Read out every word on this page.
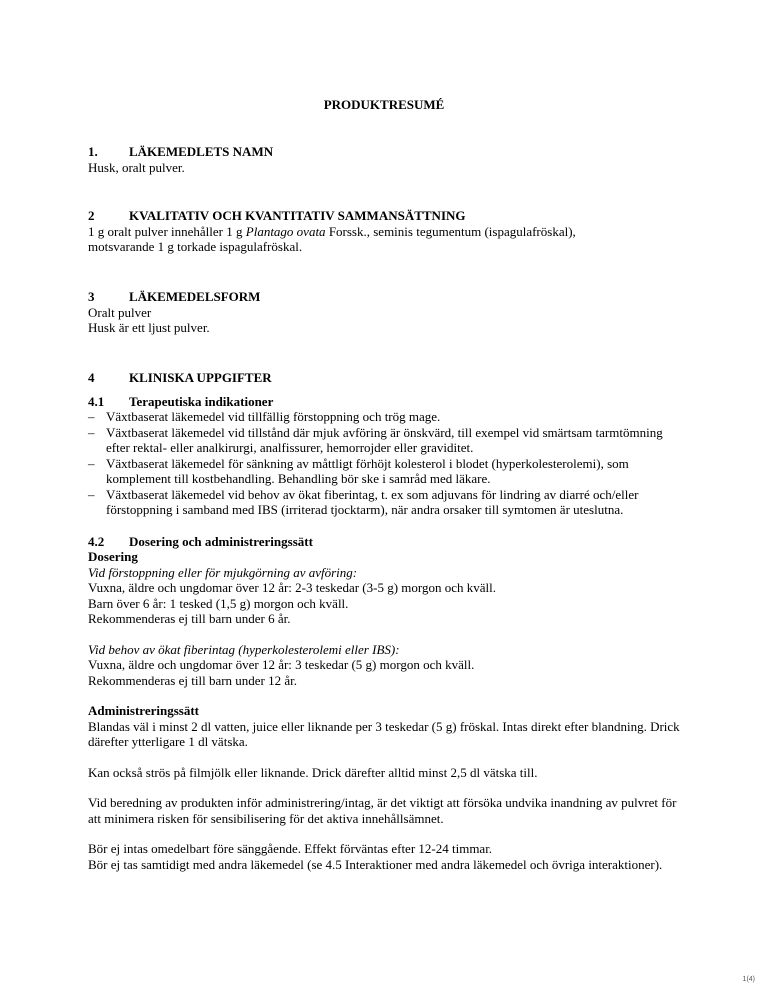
PRODUKTRESUMÉ
1.	LÄKEMEDLETS NAMN

Husk, oralt pulver.

2	KVALITATIV OCH KVANTITATIV SAMMANSÄTTNING

1 g oralt pulver innehåller 1 g Plantago ovata Forssk., seminis tegumentum (ispagulafröskal),
motsvarande 1 g torkade ispagulafröskal.

3	LÄKEMEDELSFORM

Oralt pulver

Husk är ett ljust pulver.

4	KLINISKA UPPGIFTER
4.1	Terapeutiska indikationer
– Växtbaserat läkemedel vid tillfällig förstoppning och trög mage.
– Växtbaserat läkemedel vid tillstånd där mjuk avföring är önskvärd, till exempel vid smärtsam tarmtömning efter rektal- eller analkirurgi, analfissurer, hemorrojder eller graviditet.
– Växtbaserat läkemedel för sänkning av måttligt förhöjt kolesterol i blodet (hyperkolesterolemi), som komplement till kostbehandling. Behandling bör ske i samråd med läkare.
– Växtbaserat läkemedel vid behov av ökat fiberintag, t. ex som adjuvans för lindring av diarré och/eller förstoppning i samband med IBS (irriterad tjocktarm), när andra orsaker till symtomen är uteslutna.
4.2	Dosering och administreringssätt
Dosering
Vid förstoppning eller för mjukgörning av avföring:
Vuxna, äldre och ungdomar över 12 år: 2-3 teskedar (3-5 g) morgon och kväll.
Barn över 6 år: 1 tesked (1,5 g) morgon och kväll.
Rekommenderas ej till barn under 6 år.
Vid behov av ökat fiberintag (hyperkolesterolemi eller IBS):
Vuxna, äldre och ungdomar över 12 år: 3 teskedar (5 g) morgon och kväll.
Rekommenderas ej till barn under 12 år.
Administreringssätt

Blandas väl i minst 2 dl vatten, juice eller liknande per 3 teskedar (5 g) fröskal. Intas direkt efter blandning. Drick därefter ytterligare 1 dl vätska.

Kan också strös på filmjölk eller liknande. Drick därefter alltid minst 2,5 dl vätska till.

Vid beredning av produkten inför administrering/intag, är det viktigt att försöka undvika inandning av pulvret för att minimera risken för sensibilisering för det aktiva innehållsämnet.

Bör ej intas omedelbart före sänggående. Effekt förväntas efter 12-24 timmar.

Bör ej tas samtidigt med andra läkemedel (se 4.5 Interaktioner med andra läkemedel och övriga interaktioner).

1(4)
